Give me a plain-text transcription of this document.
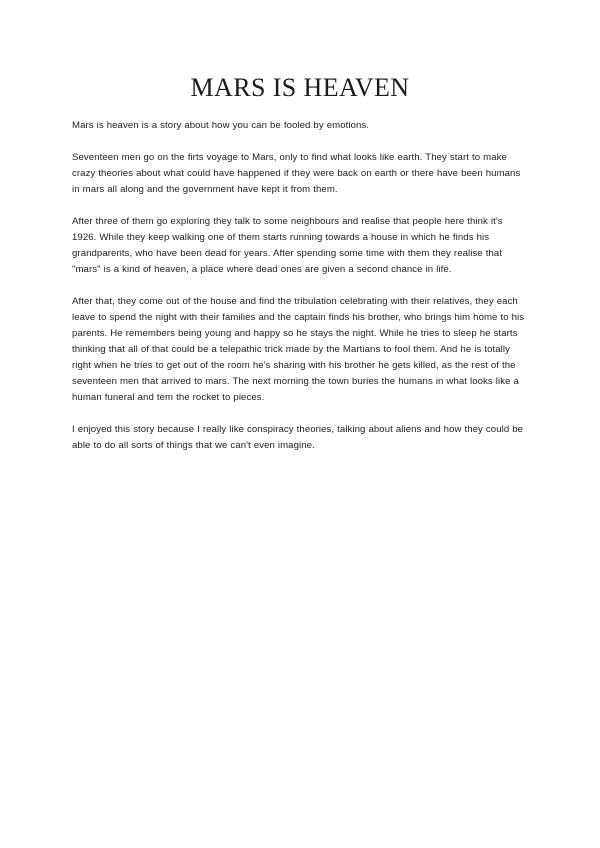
MARS IS HEAVEN

Mars is heaven is a story about how you can be fooled by emotions.

Seventeen men go on the firts voyage to Mars, only to find what looks like earth. They start to make crazy theories about what could have happened if they were back on earth or there have been humans in mars all along and the government have kept it from them.

After three of them go exploring they talk to some neighbours and realise that people here think it's 1926. While they keep walking one of them starts running towards a house in which he finds his grandparents, who have been dead for years. After spending some time with them they realise that "mars" is a kind of heaven, a place where dead ones are given a second chance in life.

After that, they come out of the house and find the tribulation celebrating with their relatives, they each leave to spend the night with their families and the captain finds his brother, who brings him home to his parents. He remembers being young and happy so he stays the night. While he tries to sleep he starts thinking that all of that could be a telepathic trick made by the Martians to fool them. And he is totally right when he tries to get out of the room he's sharing with his brother he gets killed, as the rest of the seventeen men that arrived to mars. The next morning the town buries the humans in what looks like a human funeral and tem the rocket to pieces.

I enjoyed this story because I really like conspiracy theories, talking about aliens and how they could be able to do all sorts of things that we can't even imagine.
